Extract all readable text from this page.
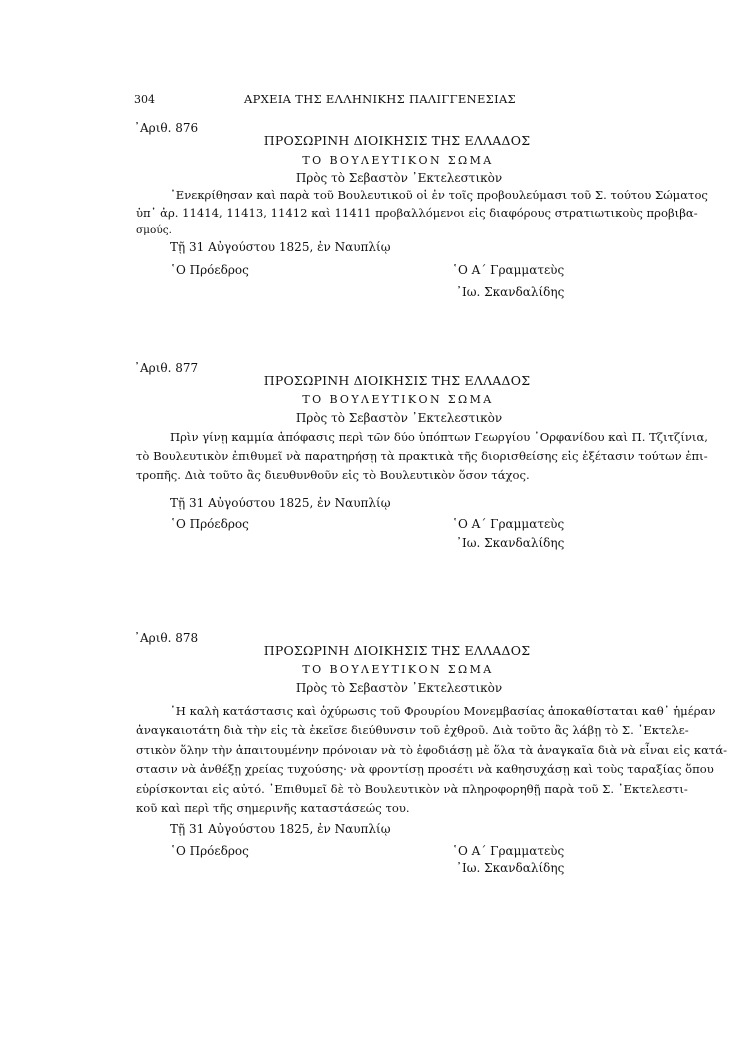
304	ΑΡΧΕΙΑ ΤΗΣ ΕΛΛΗΝΙΚΗΣ ΠΑΛΙΓΓΕΝΕΣΙΑΣ
᾿Αριθ. 876
ΠΡΟΣΩΡΙΝΗ ΔΙΟΙΚΗΣΙΣ ΤΗΣ ΕΛΛΑΔΟΣ
ΤΟ ΒΟΥΛΕΥΤΙΚΟΝ ΣΩΜΑ
Πρὸς τὸ Σεβαστὸν ᾿Εκτελεστικὸν
᾿Ενεκρίθησαν καὶ παρὰ τοῦ Βουλευτικοῦ οἱ ἐν τοῖς προβουλεύμασι τοῦ Σ. τούτου Σώματος
ὑπ᾿ ἀρ. 11414, 11413, 11412 καὶ 11411 προβαλλόμενοι εἰς διαφόρους στρατιωτικοὺς προβιβα-
σμούς.
Τῇ 31 Αὐγούστου 1825, ἐν Ναυπλίῳ
῾Ο Πρόεδρος	῾Ο Α΄ Γραμματεὺς
᾿Ιω. Σκανδαλίδης
᾿Αριθ. 877
ΠΡΟΣΩΡΙΝΗ ΔΙΟΙΚΗΣΙΣ ΤΗΣ ΕΛΛΑΔΟΣ
ΤΟ ΒΟΥΛΕΥΤΙΚΟΝ ΣΩΜΑ
Πρὸς τὸ Σεβαστὸν ᾿Εκτελεστικὸν
Πρὶν γίνῃ καμμία ἀπόφασις περὶ τῶν δύο ὑπόπτων Γεωργίου ᾿Ορφανίδου καὶ Π. Τζιτζίνια,
τὸ Βουλευτικὸν ἐπιθυμεῖ νὰ παρατηρήσῃ τὰ πρακτικὰ τῆς διορισθείσης εἰς ἐξέτασιν τούτων ἐπι-
τροπῆς. Διὰ τοῦτο ἂς διευθυνθοῦν εἰς τὸ Βουλευτικὸν ὅσον τάχος.
Τῇ 31 Αὐγούστου 1825, ἐν Ναυπλίῳ
῾Ο Πρόεδρος	῾Ο Α΄ Γραμματεὺς
᾿Ιω. Σκανδαλίδης
᾿Αριθ. 878
ΠΡΟΣΩΡΙΝΗ ΔΙΟΙΚΗΣΙΣ ΤΗΣ ΕΛΛΑΔΟΣ
ΤΟ ΒΟΥΛΕΥΤΙΚΟΝ ΣΩΜΑ
Πρὸς τὸ Σεβαστὸν ᾿Εκτελεστικὸν
῾Η καλὴ κατάστασις καὶ ὀχύρωσις τοῦ Φρουρίου Μονεμβασίας ἀποκαθίσταται καθ᾿ ἡμέραν
ἀναγκαιοτάτη διὰ τὴν εἰς τὰ ἐκεῖσε διεύθυνσιν τοῦ ἐχθροῦ. Διὰ τοῦτο ἂς λάβῃ τὸ Σ. ᾿Εκτελε-
στικὸν ὅλην τὴν ἀπαιτουμένην πρόνοιαν νὰ τὸ ἐφοδιάσῃ μὲ ὅλα τὰ ἀναγκαῖα διὰ νὰ εἶναι εἰς κατά-
στασιν νὰ ἀνθέξῃ χρείας τυχούσης· νὰ φροντίσῃ προσέτι νὰ καθησυχάσῃ καὶ τοὺς ταραξίας ὅπου
εὑρίσκονται εἰς αὐτό. ᾿Επιθυμεῖ δὲ τὸ Βουλευτικὸν νὰ πληροφορηθῇ παρὰ τοῦ Σ. ᾿Εκτελεστι-
κοῦ καὶ περὶ τῆς σημερινῆς καταστάσεώς του.
Τῇ 31 Αὐγούστου 1825, ἐν Ναυπλίῳ
῾Ο Πρόεδρος	῾Ο Α΄ Γραμματεὺς
᾿Ιω. Σκανδαλίδης
